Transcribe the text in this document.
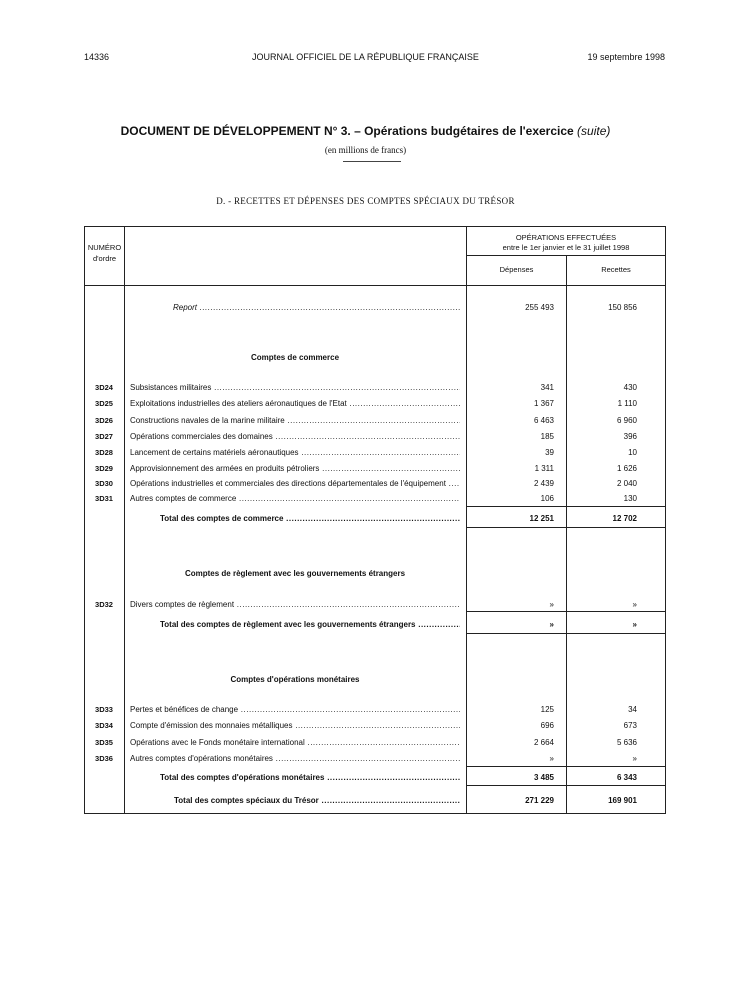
14336	JOURNAL OFFICIEL DE LA RÉPUBLIQUE FRANÇAISE	19 septembre 1998
DOCUMENT DE DÉVELOPPEMENT N° 3. – Opérations budgétaires de l'exercice (suite)
(en millions de francs)
D. - RECETTES ET DÉPENSES DES COMPTES SPÉCIAUX DU TRÉSOR
NUMÉRO
d'ordre
OPÉRATIONS EFFECTUÉES
entre le 1er janvier et le 31 juillet 1998
Dépenses	Recettes
Report .....	255 493	150 856
Comptes de commerce
3D24	Subsistances militaires .....	341	430
3D25	Exploitations industrielles des ateliers aéronautiques de l'Etat .....	1 367	1 110
3D26	Constructions navales de la marine militaire .....	6 463	6 960
3D27	Opérations commerciales des domaines .....	185	396
3D28	Lancement de certains matériels aéronautiques .....	39	10
3D29	Approvisionnement des armées en produits pétroliers .....	1 311	1 626
3D30	Opérations industrielles et commerciales des directions départementales de l'équipement .....	2 439	2 040
3D31	Autres comptes de commerce .....	106	130
Total des comptes de commerce .....	12 251	12 702
Comptes de règlement avec les gouvernements étrangers
3D32	Divers comptes de règlement .....	»	»
Total des comptes de règlement avec les gouvernements étrangers .....	»	»
Comptes d'opérations monétaires
3D33	Pertes et bénéfices de change .....	125	34
3D34	Compte d'émission des monnaies métalliques .....	696	673
3D35	Opérations avec le Fonds monétaire international .....	2 664	5 636
3D36	Autres comptes d'opérations monétaires .....	»	»
Total des comptes d'opérations monétaires .....	3 485	6 343
Total des comptes spéciaux du Trésor .....	271 229	169 901
